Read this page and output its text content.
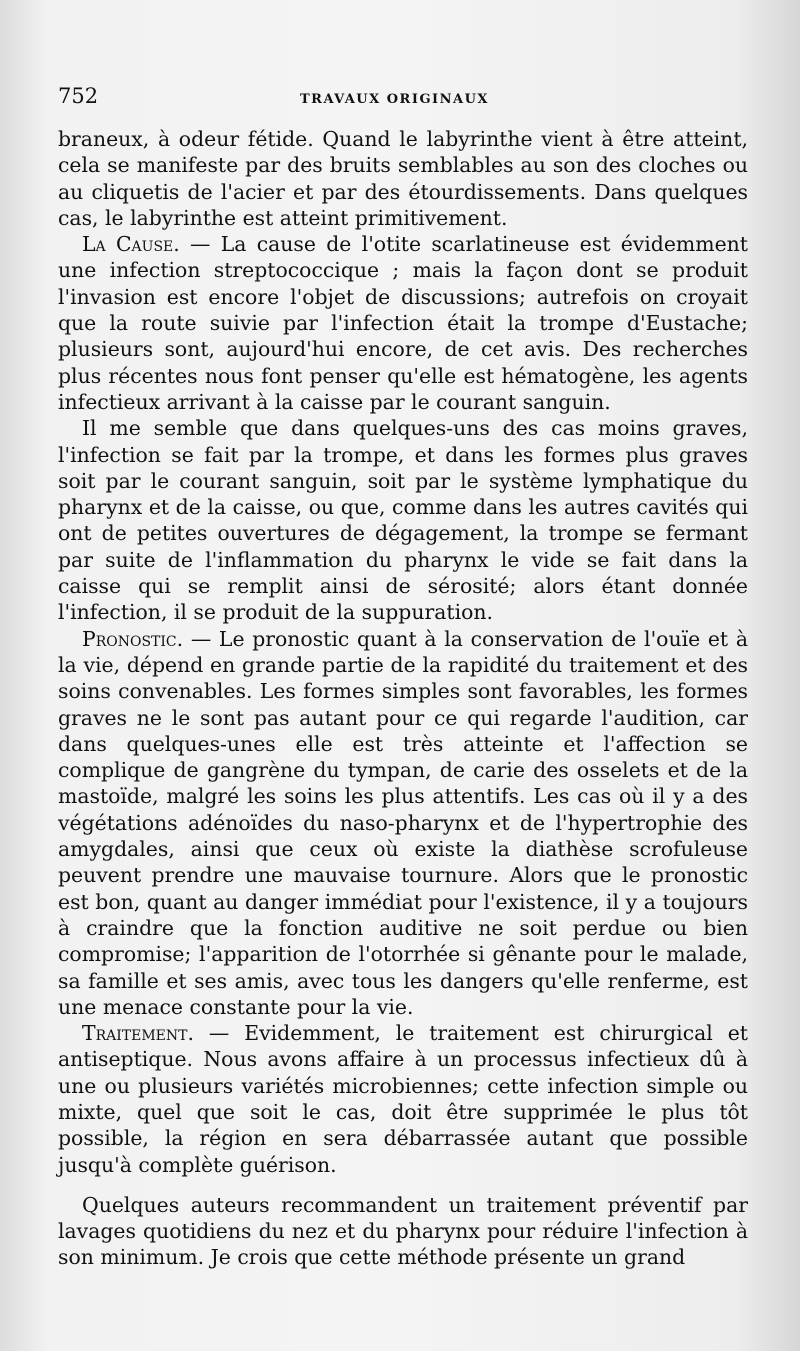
752	TRAVAUX ORIGINAUX

braneux, à odeur fétide. Quand le labyrinthe vient à être atteint, cela se manifeste par des bruits semblables au son des cloches ou au cliquetis de l'acier et par des étourdissements. Dans quelques cas, le labyrinthe est atteint primitivement.

La Cause. — La cause de l'otite scarlatineuse est évidemment une infection streptococcique ; mais la façon dont se produit l'invasion est encore l'objet de discussions; autrefois on croyait que la route suivie par l'infection était la trompe d'Eustache; plusieurs sont, aujourd'hui encore, de cet avis. Des recherches plus récentes nous font penser qu'elle est hématogène, les agents infectieux arrivant à la caisse par le courant sanguin.

Il me semble que dans quelques-uns des cas moins graves, l'infection se fait par la trompe, et dans les formes plus graves soit par le courant sanguin, soit par le système lymphatique du pharynx et de la caisse, ou que, comme dans les autres cavités qui ont de petites ouvertures de dégagement, la trompe se fermant par suite de l'inflammation du pharynx le vide se fait dans la caisse qui se remplit ainsi de sérosité; alors étant donnée l'infection, il se produit de la suppuration.

Pronostic. — Le pronostic quant à la conservation de l'ouïe et à la vie, dépend en grande partie de la rapidité du traitement et des soins convenables. Les formes simples sont favorables, les formes graves ne le sont pas autant pour ce qui regarde l'audition, car dans quelques-unes elle est très atteinte et l'affection se complique de gangrène du tympan, de carie des osselets et de la mastoïde, malgré les soins les plus attentifs. Les cas où il y a des végétations adénoïdes du naso-pharynx et de l'hypertrophie des amygdales, ainsi que ceux où existe la diathèse scrofuleuse peuvent prendre une mauvaise tournure. Alors que le pronostic est bon, quant au danger immédiat pour l'existence, il y a toujours à craindre que la fonction auditive ne soit perdue ou bien compromise; l'apparition de l'otorrhée si gênante pour le malade, sa famille et ses amis, avec tous les dangers qu'elle renferme, est une menace constante pour la vie.

Traitement. — Evidemment, le traitement est chirurgical et antiseptique. Nous avons affaire à un processus infectieux dû à une ou plusieurs variétés microbiennes; cette infection simple ou mixte, quel que soit le cas, doit être supprimée le plus tôt possible, la région en sera débarrassée autant que possible jusqu'à complète guérison.

Quelques auteurs recommandent un traitement préventif par lavages quotidiens du nez et du pharynx pour réduire l'infection à son minimum. Je crois que cette méthode présente un grand
